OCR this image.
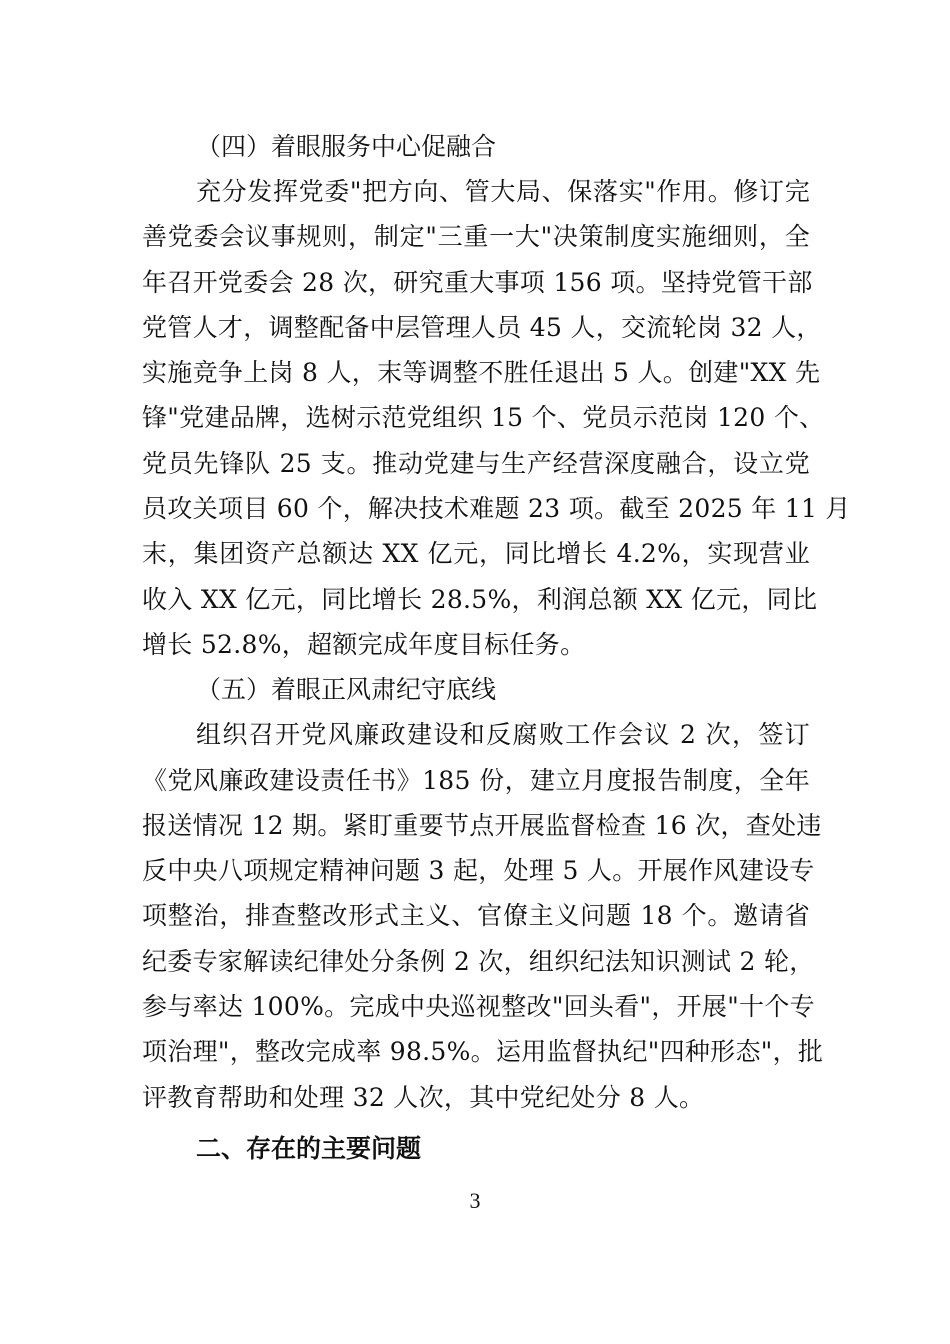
（四）着眼服务中心促融合

充分发挥党委"把方向、管大局、保落实"作用。修订完
善党委会议事规则，制定"三重一大"决策制度实施细则，全
年召开党委会 28 次，研究重大事项 156 项。坚持党管干部
党管人才，调整配备中层管理人员 45 人，交流轮岗 32 人，
实施竞争上岗 8 人，末等调整不胜任退出 5 人。创建"XX 先
锋"党建品牌，选树示范党组织 15 个、党员示范岗 120 个、
党员先锋队 25 支。推动党建与生产经营深度融合，设立党
员攻关项目 60 个，解决技术难题 23 项。截至 2025 年 11 月
末，集团资产总额达 XX 亿元，同比增长 4.2%，实现营业
收入 XX 亿元，同比增长 28.5%，利润总额 XX 亿元，同比
增长 52.8%，超额完成年度目标任务。

（五）着眼正风肃纪守底线

组织召开党风廉政建设和反腐败工作会议 2 次，签订
《党风廉政建设责任书》185 份，建立月度报告制度，全年
报送情况 12 期。紧盯重要节点开展监督检查 16 次，查处违
反中央八项规定精神问题 3 起，处理 5 人。开展作风建设专
项整治，排查整改形式主义、官僚主义问题 18 个。邀请省
纪委专家解读纪律处分条例 2 次，组织纪法知识测试 2 轮，
参与率达 100%。完成中央巡视整改"回头看"，开展"十个专
项治理"，整改完成率 98.5%。运用监督执纪"四种形态"，批
评教育帮助和处理 32 人次，其中党纪处分 8 人。

二、存在的主要问题

3
